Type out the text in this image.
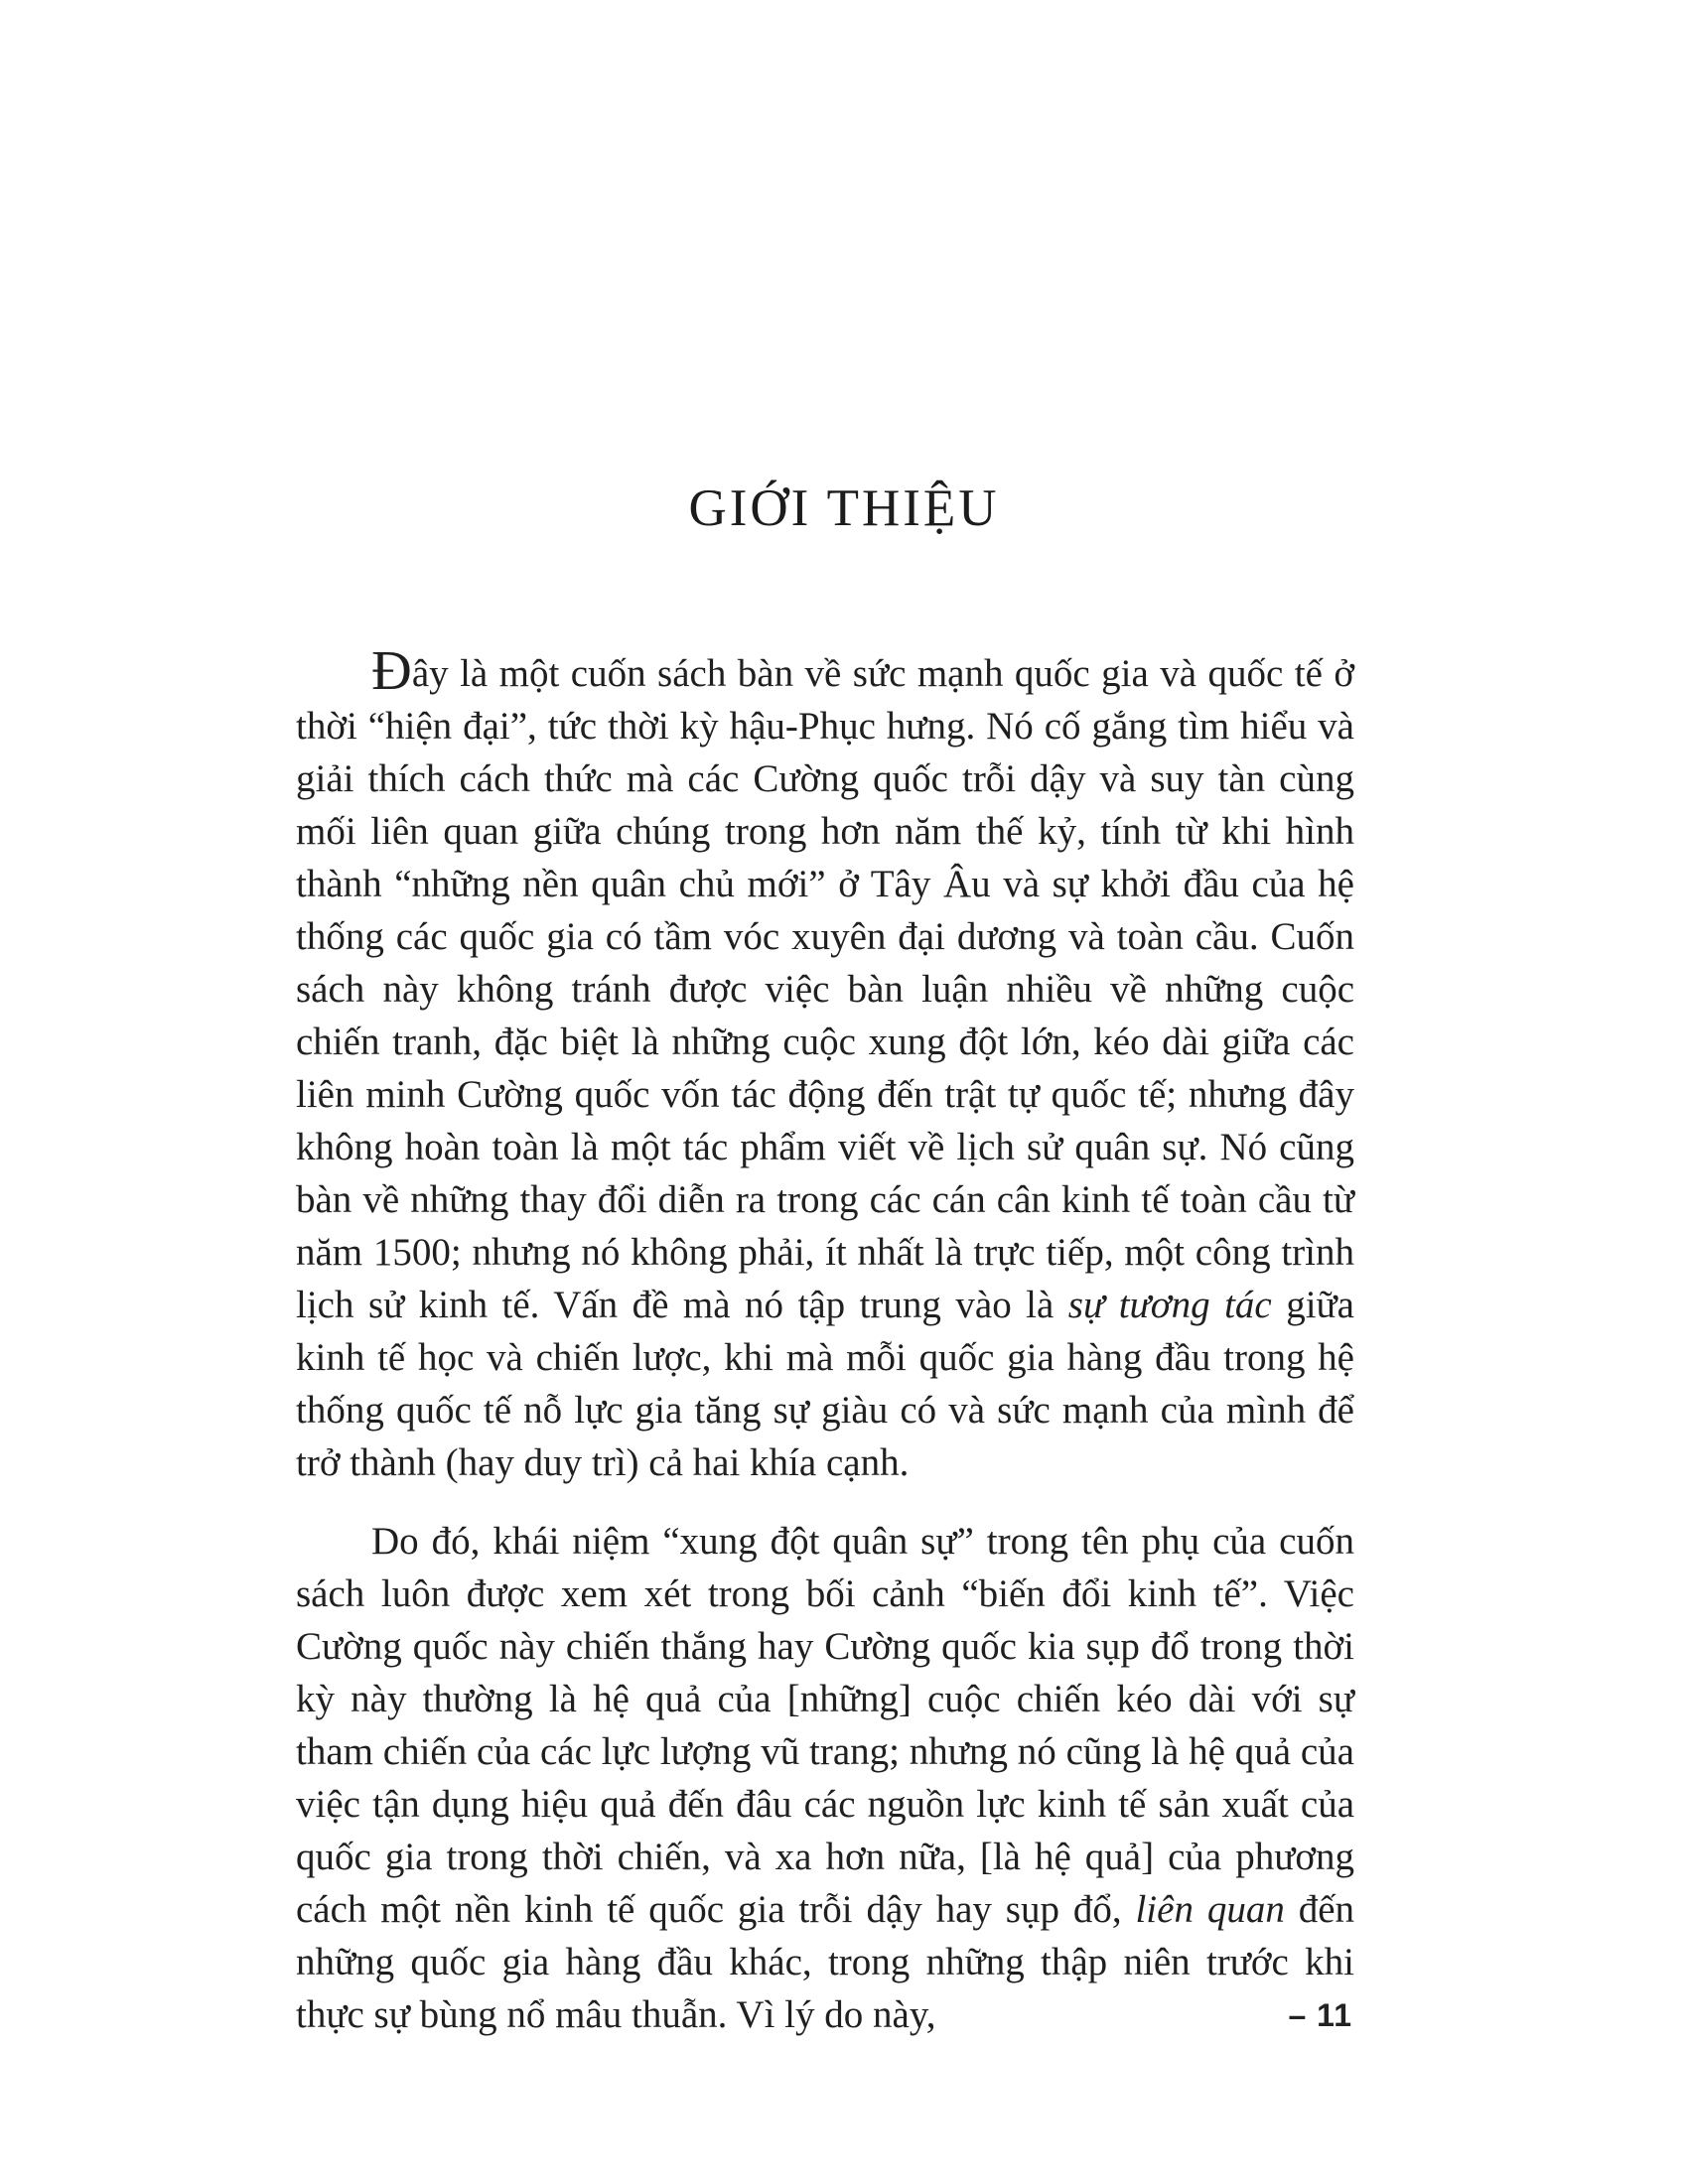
GIỚI THIỆU

Đây là một cuốn sách bàn về sức mạnh quốc gia và quốc tế ở thời “hiện đại”, tức thời kỳ hậu-Phục hưng. Nó cố gắng tìm hiểu và giải thích cách thức mà các Cường quốc trỗi dậy và suy tàn cùng mối liên quan giữa chúng trong hơn năm thế kỷ, tính từ khi hình thành “những nền quân chủ mới” ở Tây Âu và sự khởi đầu của hệ thống các quốc gia có tầm vóc xuyên đại dương và toàn cầu. Cuốn sách này không tránh được việc bàn luận nhiều về những cuộc chiến tranh, đặc biệt là những cuộc xung đột lớn, kéo dài giữa các liên minh Cường quốc vốn tác động đến trật tự quốc tế; nhưng đây không hoàn toàn là một tác phẩm viết về lịch sử quân sự. Nó cũng bàn về những thay đổi diễn ra trong các cán cân kinh tế toàn cầu từ năm 1500; nhưng nó không phải, ít nhất là trực tiếp, một công trình lịch sử kinh tế. Vấn đề mà nó tập trung vào là sự tương tác giữa kinh tế học và chiến lược, khi mà mỗi quốc gia hàng đầu trong hệ thống quốc tế nỗ lực gia tăng sự giàu có và sức mạnh của mình để trở thành (hay duy trì) cả hai khía cạnh.

Do đó, khái niệm “xung đột quân sự” trong tên phụ của cuốn sách luôn được xem xét trong bối cảnh “biến đổi kinh tế”. Việc Cường quốc này chiến thắng hay Cường quốc kia sụp đổ trong thời kỳ này thường là hệ quả của [những] cuộc chiến kéo dài với sự tham chiến của các lực lượng vũ trang; nhưng nó cũng là hệ quả của việc tận dụng hiệu quả đến đâu các nguồn lực kinh tế sản xuất của quốc gia trong thời chiến, và xa hơn nữa, [là hệ quả] của phương cách một nền kinh tế quốc gia trỗi dậy hay sụp đổ, liên quan đến những quốc gia hàng đầu khác, trong những thập niên trước khi thực sự bùng nổ mâu thuẫn. Vì lý do này,	– 11
